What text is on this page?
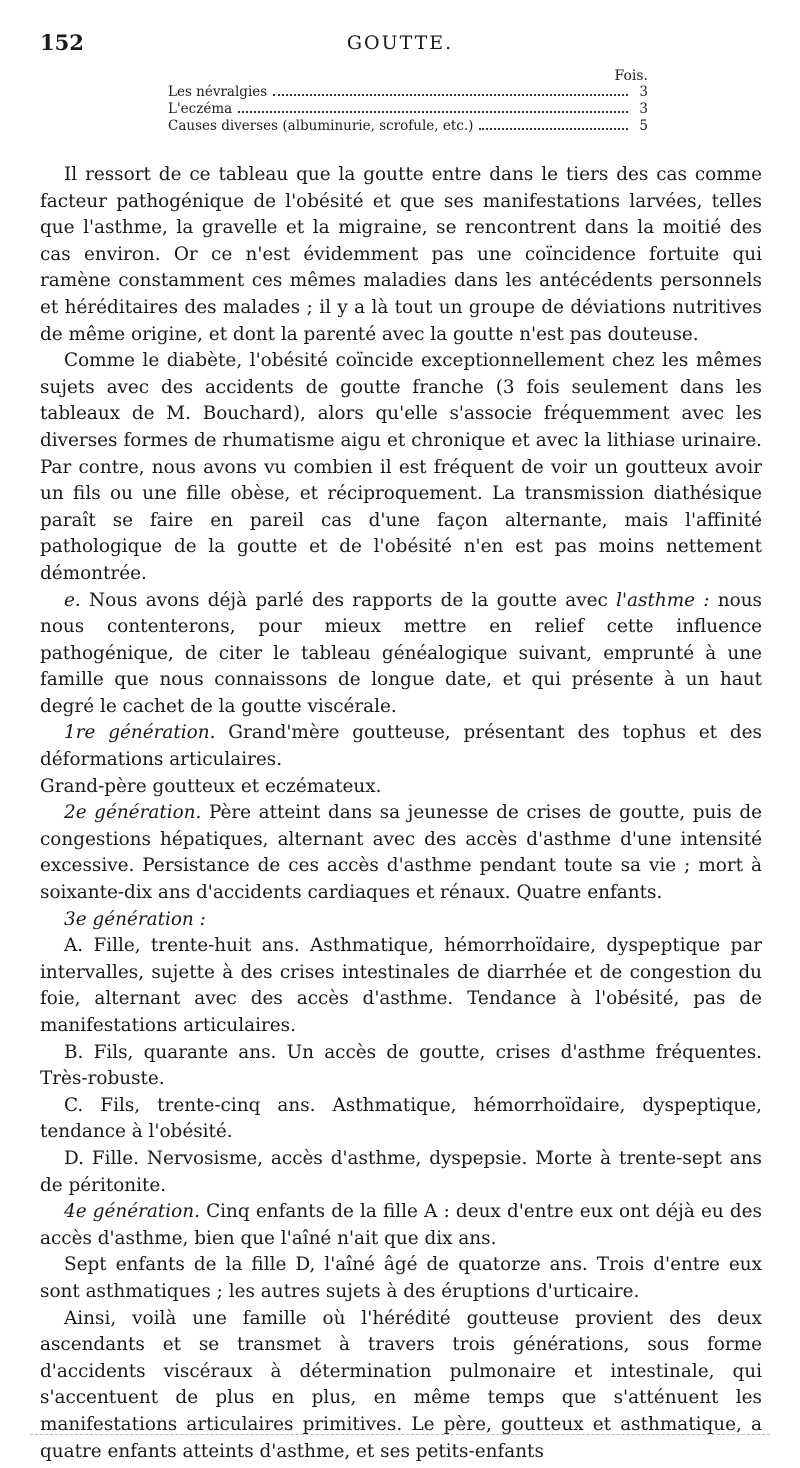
152	GOUTTE.
Fois.
Les névralgies	3
L'eczéma	3
Causes diverses (albuminurie, scrofule, etc.)	5

Il ressort de ce tableau que la goutte entre dans le tiers des cas comme facteur pathogénique de l'obésité et que ses manifestations larvées, telles que l'asthme, la gravelle et la migraine, se rencontrent dans la moitié des cas environ. Or ce n'est évidemment pas une coïncidence fortuite qui ramène constamment ces mêmes maladies dans les antécédents personnels et héréditaires des malades ; il y a là tout un groupe de déviations nutritives de même origine, et dont la parenté avec la goutte n'est pas douteuse.

Comme le diabète, l'obésité coïncide exceptionnellement chez les mêmes sujets avec des accidents de goutte franche (3 fois seulement dans les tableaux de M. Bouchard), alors qu'elle s'associe fréquemment avec les diverses formes de rhumatisme aigu et chronique et avec la lithiase urinaire. Par contre, nous avons vu combien il est fréquent de voir un goutteux avoir un fils ou une fille obèse, et réciproquement. La transmission diathésique paraît se faire en pareil cas d'une façon alternante, mais l'affinité pathologique de la goutte et de l'obésité n'en est pas moins nettement démontrée.

e. Nous avons déjà parlé des rapports de la goutte avec l'asthme : nous nous contenterons, pour mieux mettre en relief cette influence pathogénique, de citer le tableau généalogique suivant, emprunté à une famille que nous connaissons de longue date, et qui présente à un haut degré le cachet de la goutte viscérale.

1re génération. Grand'mère goutteuse, présentant des tophus et des déformations articulaires.

Grand-père goutteux et eczémateux.

2e génération. Père atteint dans sa jeunesse de crises de goutte, puis de congestions hépatiques, alternant avec des accès d'asthme d'une intensité excessive. Persistance de ces accès d'asthme pendant toute sa vie ; mort à soixante-dix ans d'accidents cardiaques et rénaux. Quatre enfants.

3e génération :

A. Fille, trente-huit ans. Asthmatique, hémorrhoïdaire, dyspeptique par intervalles, sujette à des crises intestinales de diarrhée et de congestion du foie, alternant avec des accès d'asthme. Tendance à l'obésité, pas de manifestations articulaires.

B. Fils, quarante ans. Un accès de goutte, crises d'asthme fréquentes. Très-robuste.

C. Fils, trente-cinq ans. Asthmatique, hémorrhoïdaire, dyspeptique, tendance à l'obésité.

D. Fille. Nervosisme, accès d'asthme, dyspepsie. Morte à trente-sept ans de péritonite.

4e génération. Cinq enfants de la fille A : deux d'entre eux ont déjà eu des accès d'asthme, bien que l'aîné n'ait que dix ans.

Sept enfants de la fille D, l'aîné âgé de quatorze ans. Trois d'entre eux sont asthmatiques ; les autres sujets à des éruptions d'urticaire.

Ainsi, voilà une famille où l'hérédité goutteuse provient des deux ascendants et se transmet à travers trois générations, sous forme d'accidents viscéraux à détermination pulmonaire et intestinale, qui s'accentuent de plus en plus, en même temps que s'atténuent les manifestations articulaires primitives. Le père, goutteux et asthmatique, a quatre enfants atteints d'asthme, et ses petits-enfants
